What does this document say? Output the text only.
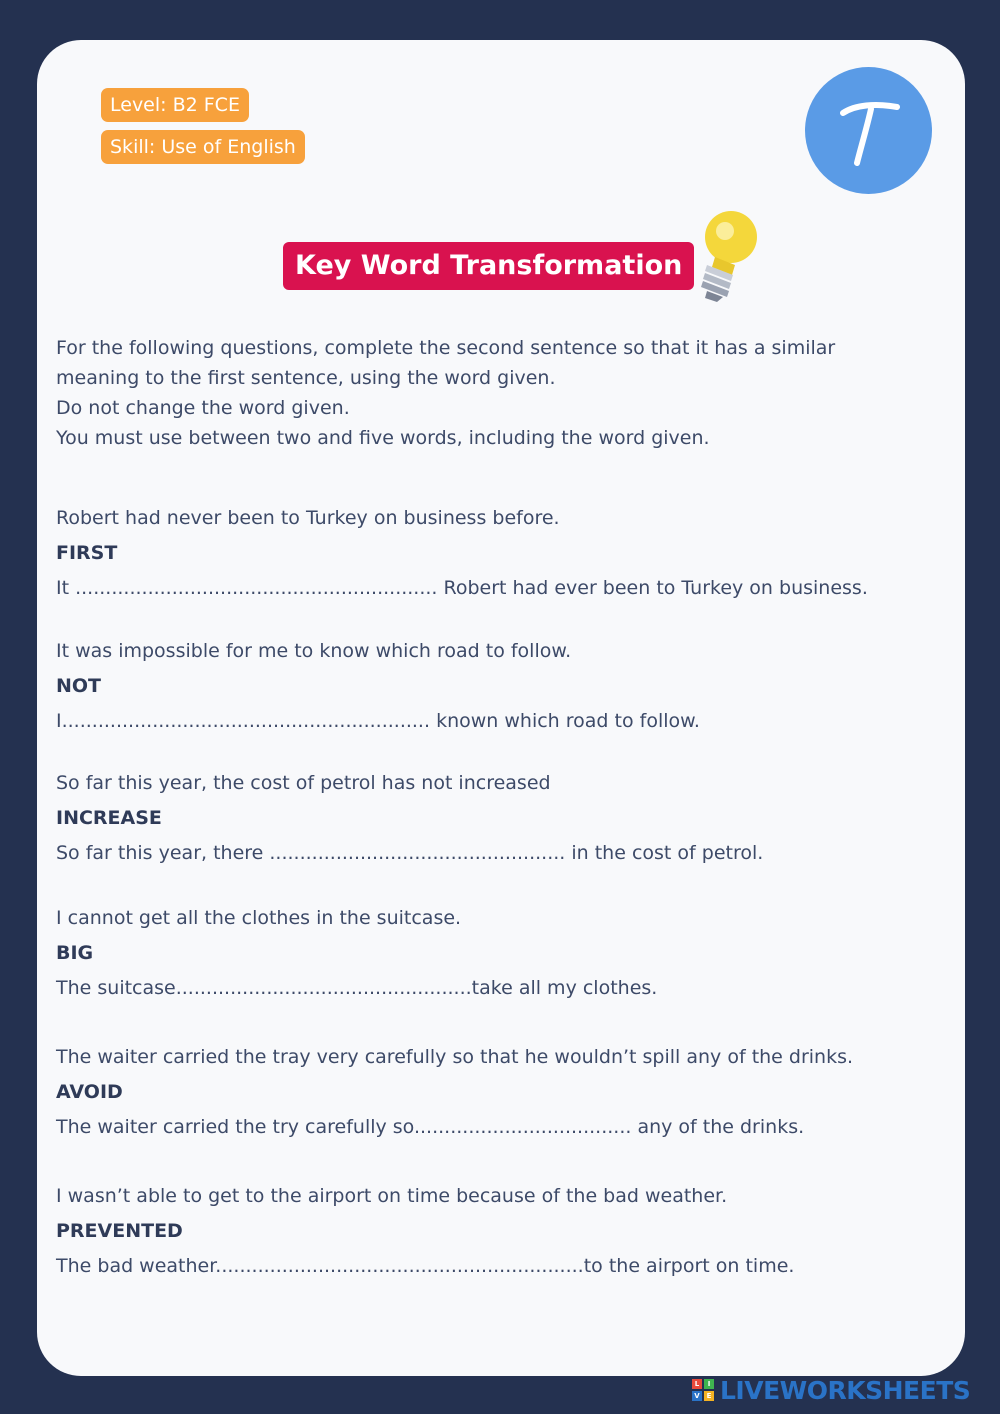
Level: B2 FCE
Skill: Use of English
Key Word Transformation
For the following questions, complete the second sentence so that it has a similar
meaning to the first sentence, using the word given.
Do not change the word given.
You must use between two and five words, including the word given.
Robert had never been to Turkey on business before.
FIRST
It ............................................................ Robert had ever been to Turkey on business.
It was impossible for me to know which road to follow.
NOT
I............................................................. known which road to follow.
So far this year, the cost of petrol has not increased
INCREASE
So far this year, there ................................................. in the cost of petrol.
I cannot get all the clothes in the suitcase.
BIG
The suitcase.................................................take all my clothes.
The waiter carried the tray very carefully so that he wouldn’t spill any of the drinks.
AVOID
The waiter carried the try carefully so.................................... any of the drinks.
I wasn’t able to get to the airport on time because of the bad weather.
PREVENTED
The bad weather.............................................................to the airport on time.
L	I
V E LIVEWORKSHEETS
